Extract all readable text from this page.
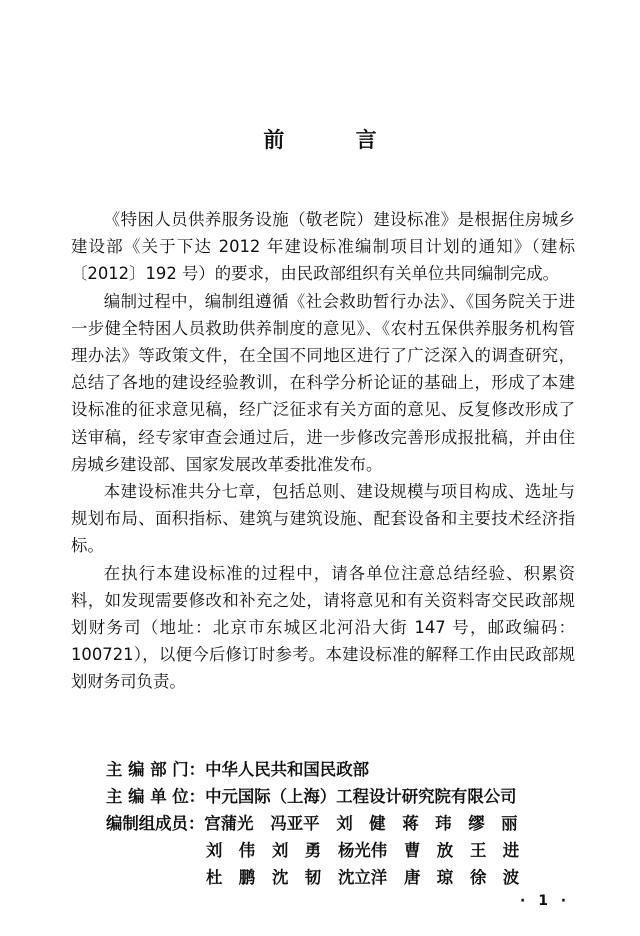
前 言

《特困人员供养服务设施（敬老院）建设标准》是根据住房城乡建设部《关于下达 2012 年建设标准编制项目计划的通知》（建标〔2012〕192 号）的要求，由民政部组织有关单位共同编制完成。

编制过程中，编制组遵循《社会救助暂行办法》、《国务院关于进一步健全特困人员救助供养制度的意见》、《农村五保供养服务机构管理办法》等政策文件，在全国不同地区进行了广泛深入的调查研究，总结了各地的建设经验教训，在科学分析论证的基础上，形成了本建设标准的征求意见稿，经广泛征求有关方面的意见、反复修改形成了送审稿，经专家审查会通过后，进一步修改完善形成报批稿，并由住房城乡建设部、国家发展改革委批准发布。

本建设标准共分七章，包括总则、建设规模与项目构成、选址与规划布局、面积指标、建筑与建筑设施、配套设备和主要技术经济指标。

在执行本建设标准的过程中，请各单位注意总结经验、积累资料，如发现需要修改和补充之处，请将意见和有关资料寄交民政部规划财务司（地址：北京市东城区北河沿大街 147 号，邮政编码：100721），以便今后修订时参考。本建设标准的解释工作由民政部规划财务司负责。

主 编 部 门：中华人民共和国民政部
主 编 单 位：中元国际（上海）工程设计研究院有限公司
编制组成员：宫蒲光 冯亚平 刘　健 蒋　玮 缪　丽
刘　伟 刘　勇 杨光伟 曹　放 王　进
杜　鹏 沈　韧 沈立洋 唐　琼 徐　波
· 1 ·
